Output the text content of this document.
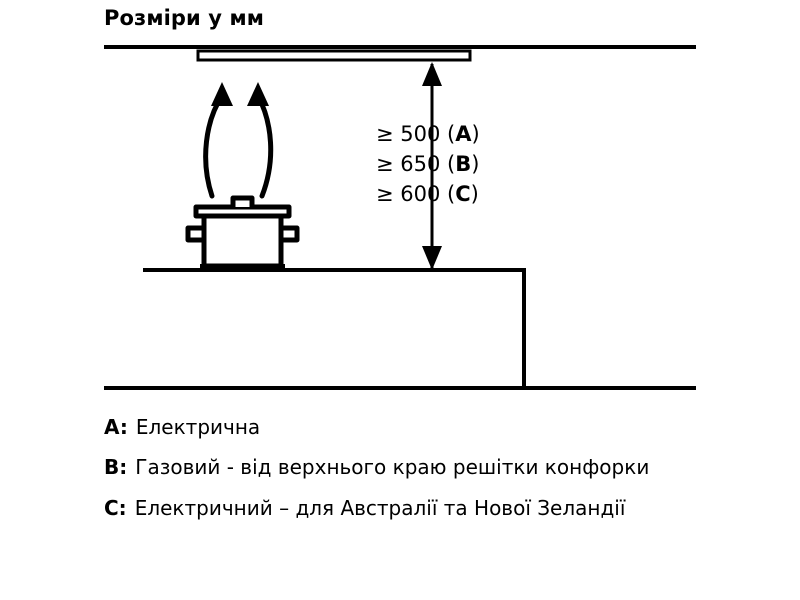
Розміри у мм
≥ 500 (A)
≥ 650 (B)
≥ 600 (C)
A: Електрична
B: Газовий - від верхнього краю решітки конфорки
C: Електричний – для Австралії та Нової Зеландії
